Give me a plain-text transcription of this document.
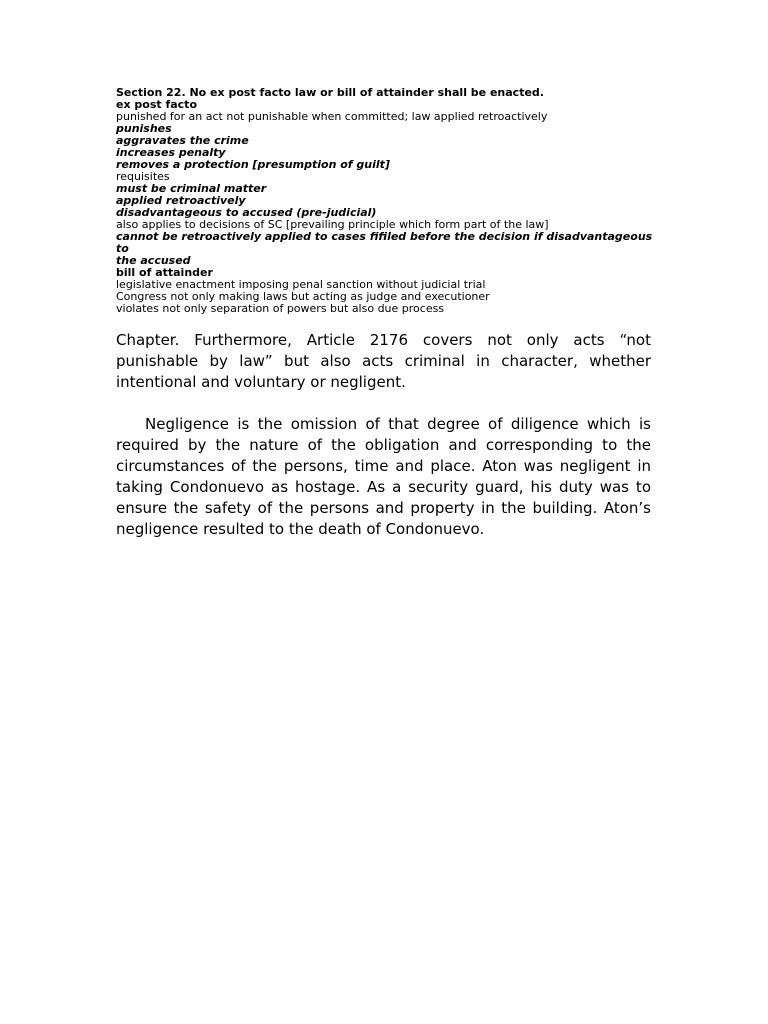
Section 22. No ex post facto law or bill of attainder shall be enacted.
ex post facto
punished for an act not punishable when committed; law applied retroactively
punishes
aggravates the crime
increases penalty
removes a protection [presumption of guilt]
requisites
must be criminal matter
applied retroactively
disadvantageous to accused (pre-judicial)
also applies to decisions of SC [prevailing principle which form part of the law]
cannot be retroactively applied to cases fifiled before the decision if disadvantageous to
the accused
bill of attainder
legislative enactment imposing penal sanction without judicial trial
Congress not only making laws but acting as judge and executioner
violates not only separation of powers but also due process

Chapter. Furthermore, Article 2176 covers not only acts “not punishable by law” but also acts criminal in character, whether intentional and voluntary or negligent.

Negligence is the omission of that degree of diligence which is required by the nature of the obligation and corresponding to the circumstances of the persons, time and place. Aton was negligent in taking Condonuevo as hostage. As a security guard, his duty was to ensure the safety of the persons and property in the building. Aton’s negligence resulted to the death of Condonuevo.
